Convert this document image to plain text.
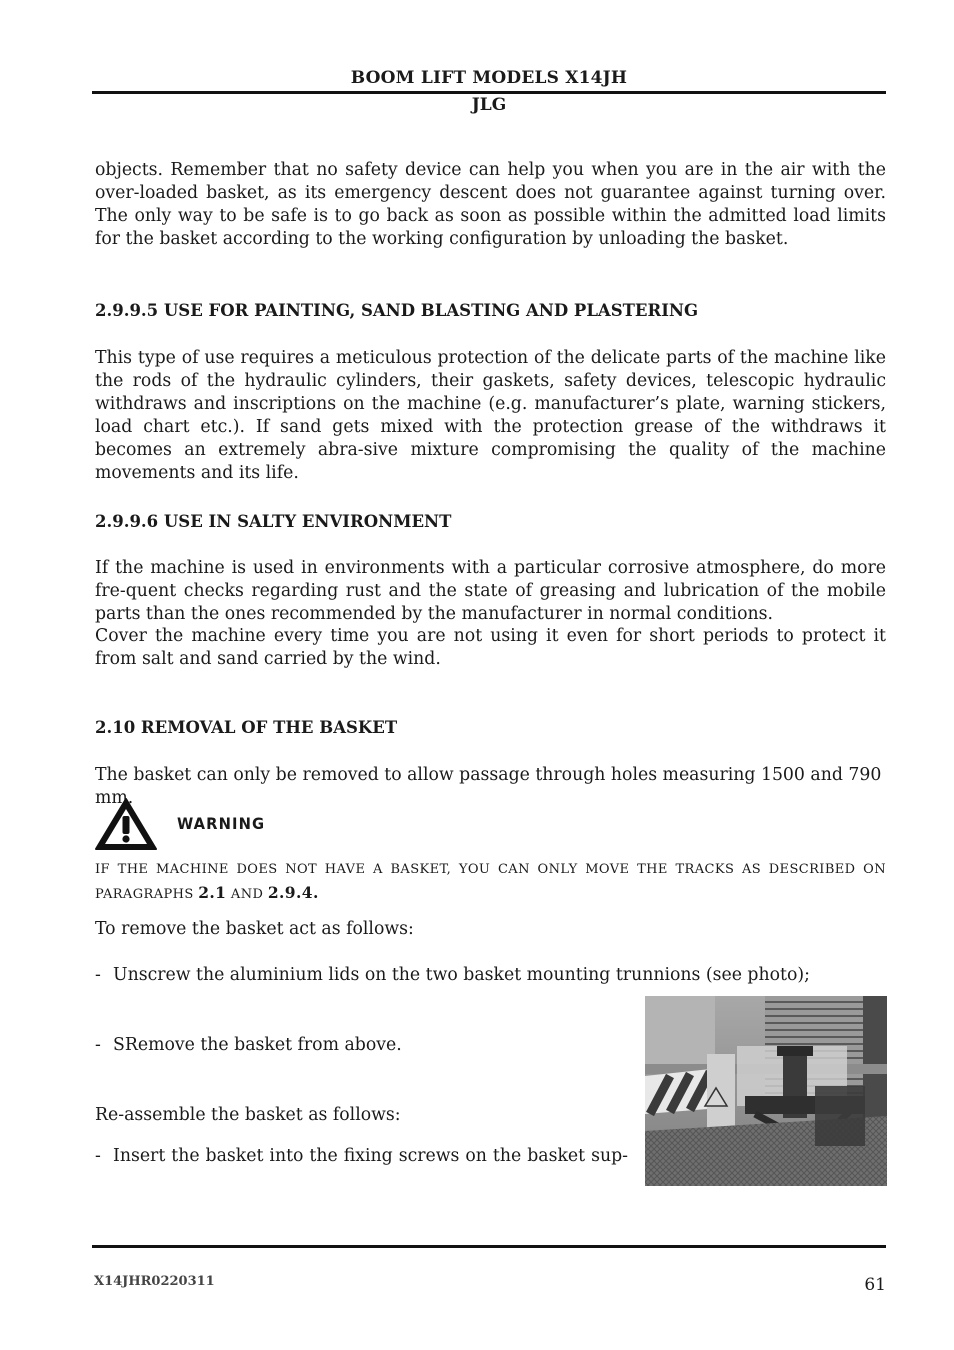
BOOM LIFT MODELS X14JH
JLG

objects. Remember that no safety device can help you when you are in the air with the over-loaded basket, as its emergency descent does not guarantee against turning over. The only way to be safe is to go back as soon as possible within the admitted load limits for the basket according to the working configuration by unloading the basket.

2.9.9.5 USE FOR PAINTING, SAND BLASTING AND PLASTERING

This type of use requires a meticulous protection of the delicate parts of the machine like the rods of the hydraulic cylinders, their gaskets, safety devices, telescopic hydraulic withdraws and inscriptions on the machine (e.g. manufacturer’s plate, warning stickers, load chart etc.). If sand gets mixed with the protection grease of the withdraws it becomes an extremely abra-sive mixture compromising the quality of the machine movements and its life.

2.9.9.6 USE IN SALTY ENVIRONMENT

If the machine is used in environments with a particular corrosive atmosphere, do more fre-quent checks regarding rust and the state of greasing and lubrication of the mobile parts than the ones recommended by the manufacturer in normal conditions.

Cover the machine every time you are not using it even for short periods to protect it from salt and sand carried by the wind.

2.10 REMOVAL OF THE BASKET

The basket can only be removed to allow passage through holes measuring 1500 and 790 mm.

WARNING

IF THE MACHINE DOES NOT HAVE A BASKET, YOU CAN ONLY MOVE THE TRACKS AS DESCRIBED ON PARAGRAPHS 2.1 AND 2.9.4.

To remove the basket act as follows:

- Unscrew the aluminium lids on the two basket mounting trunnions (see photo);

- SRemove the basket from above.

Re-assemble the basket as follows:

- Insert the basket into the fixing screws on the basket sup-

X14JHR0220311	61
